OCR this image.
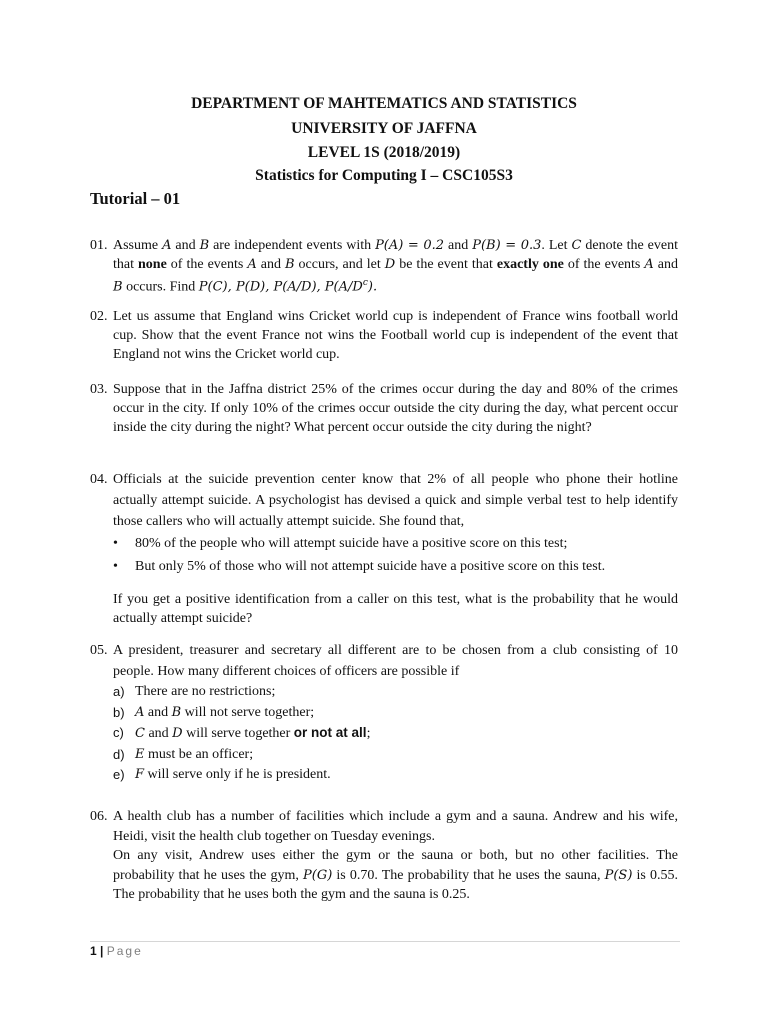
DEPARTMENT OF MAHTEMATICS AND STATISTICS
UNIVERSITY OF JAFFNA
LEVEL 1S (2018/2019)
Statistics for Computing I – CSC105S3
Tutorial – 01
01. Assume A and B are independent events with P(A) = 0.2 and P(B) = 0.3. Let C denote the event that none of the events A and B occurs, and let D be the event that exactly one of the events A and B occurs. Find P(C), P(D), P(A/D), $P(A/D^c)$.
02. Let us assume that England wins Cricket world cup is independent of France wins football world cup. Show that the event France not wins the Football world cup is independent of the event that England not wins the Cricket world cup.
03. Suppose that in the Jaffna district 25% of the crimes occur during the day and 80% of the crimes occur in the city. If only 10% of the crimes occur outside the city during the day, what percent occur inside the city during the night? What percent occur outside the city during the night?
04. Officials at the suicide prevention center know that 2% of all people who phone their hotline actually attempt suicide. A psychologist has devised a quick and simple verbal test to help identify those callers who will actually attempt suicide. She found that,

• 80% of the people who will attempt suicide have a positive score on this test;
• But only 5% of those who will not attempt suicide have a positive score on this test.

If you get a positive identification from a caller on this test, what is the probability that he would actually attempt suicide?

05. A president, treasurer and secretary all different are to be chosen from a club consisting of 10 people. How many different choices of officers are possible if

a) There are no restrictions;
b) A and B will not serve together;
c) C and D will serve together or not at all;
d) E must be an officer;
e) F will serve only if he is president.
06. A health club has a number of facilities which include a gym and a sauna. Andrew and his wife, Heidi, visit the health club together on Tuesday evenings.

On any visit, Andrew uses either the gym or the sauna or both, but no other facilities. The probability that he uses the gym, P(G) is 0.70. The probability that he uses the sauna, P(S) is 0.55. The probability that he uses both the gym and the sauna is 0.25.

1 | Page
